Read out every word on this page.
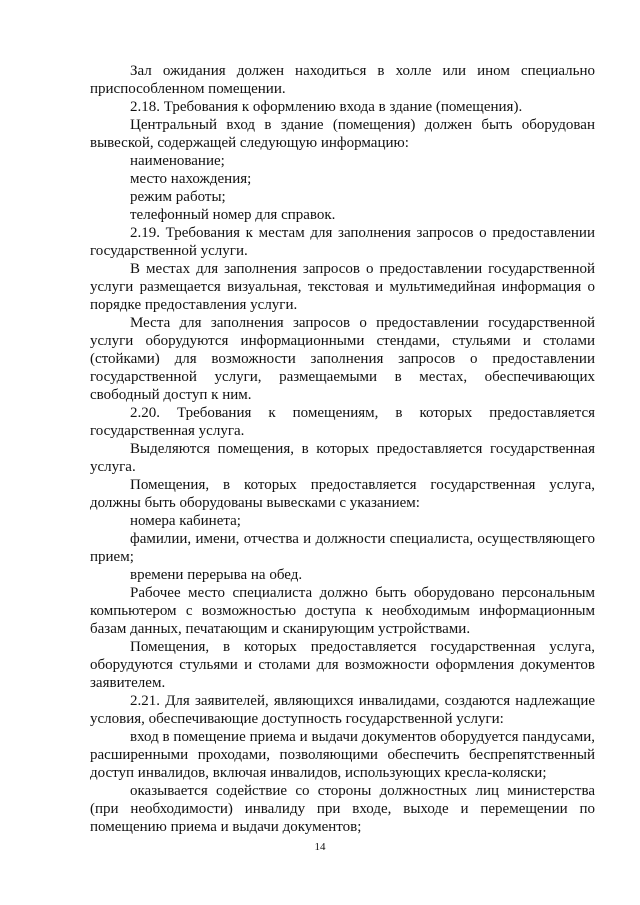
Зал ожидания должен находиться в холле или ином специально приспособленном помещении.

2.18. Требования к оформлению входа в здание (помещения).

Центральный вход в здание (помещения) должен быть оборудован вывеской, содержащей следующую информацию:

наименование;

место нахождения;

режим работы;

телефонный номер для справок.

2.19. Требования к местам для заполнения запросов о предоставлении государственной услуги.

В местах для заполнения запросов о предоставлении государственной услуги размещается визуальная, текстовая и мультимедийная информация о порядке предоставления услуги.

Места для заполнения запросов о предоставлении государственной услуги оборудуются информационными стендами, стульями и столами (стойками) для возможности заполнения запросов о предоставлении государственной услуги, размещаемыми в местах, обеспечивающих свободный доступ к ним.

2.20. Требования к помещениям, в которых предоставляется государственная услуга.

Выделяются помещения, в которых предоставляется государственная услуга.

Помещения, в которых предоставляется государственная услуга, должны быть оборудованы вывесками с указанием:

номера кабинета;

фамилии, имени, отчества и должности специалиста, осуществляющего прием;

времени перерыва на обед.

Рабочее место специалиста должно быть оборудовано персональным компьютером с возможностью доступа к необходимым информационным базам данных, печатающим и сканирующим устройствами.

Помещения, в которых предоставляется государственная услуга, оборудуются стульями и столами для возможности оформления документов заявителем.

2.21. Для заявителей, являющихся инвалидами, создаются надлежащие условия, обеспечивающие доступность государственной услуги:

вход в помещение приема и выдачи документов оборудуется пандусами, расширенными проходами, позволяющими обеспечить беспрепятственный доступ инвалидов, включая инвалидов, использующих кресла-коляски;

оказывается содействие со стороны должностных лиц министерства (при необходимости) инвалиду при входе, выходе и перемещении по помещению приема и выдачи документов;

14
